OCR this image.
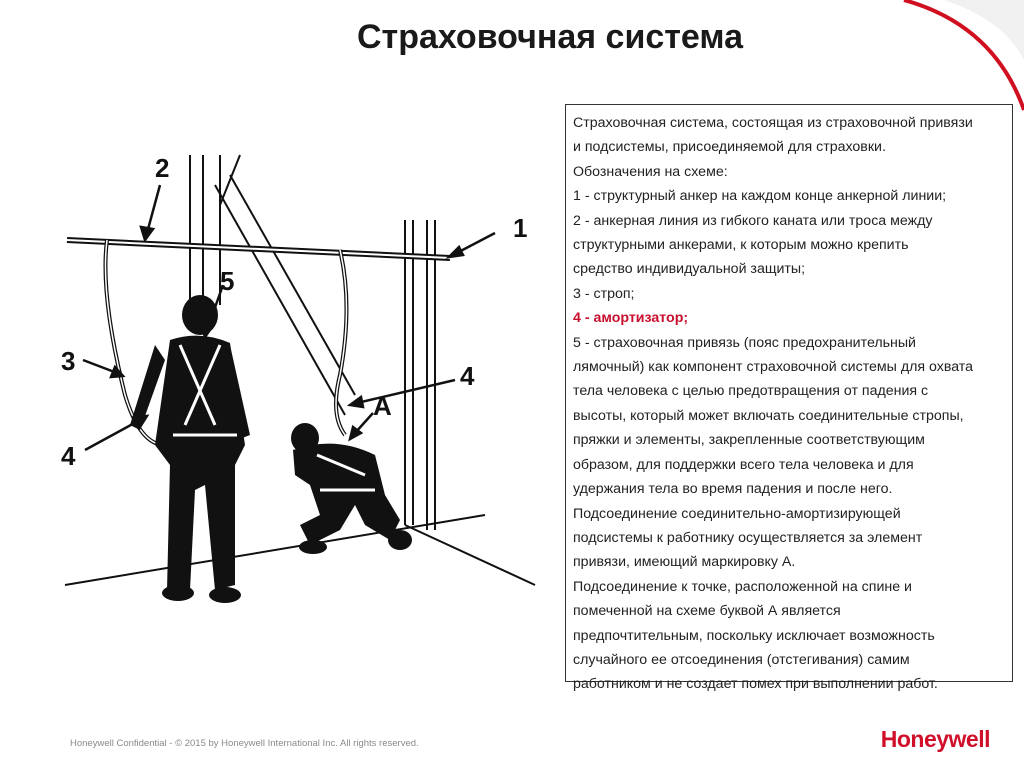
Страховочная система
1
2
3
4
4
5
A

Страховочная система, состоящая из страховочной привязи

и подсистемы, присоединяемой для страховки.

Обозначения на схеме:

1 - структурный анкер на каждом конце анкерной линии;

2 - анкерная линия из гибкого каната или троса между

структурными анкерами, к которым можно крепить

средство индивидуальной защиты;

3 - строп;

4 - амортизатор;

5 - страховочная привязь (пояс предохранительный

лямочный) как компонент страховочной системы для охвата

тела человека с целью предотвращения от падения с

высоты, который может включать соединительные стропы,

пряжки и элементы, закрепленные соответствующим

образом, для поддержки всего тела человека и для

удержания тела во время падения и после него.

Подсоединение соединительно-амортизирующей

подсистемы к работнику осуществляется за элемент

привязи, имеющий маркировку А.

Подсоединение к точке, расположенной на спине и

помеченной на схеме буквой А является

предпочтительным, поскольку исключает возможность

случайного ее отсоединения (отстегивания) самим

работником и не создает помех при выполнении работ.

Honeywell Confidential - © 2015 by Honeywell International Inc. All rights reserved.	Honeywell
